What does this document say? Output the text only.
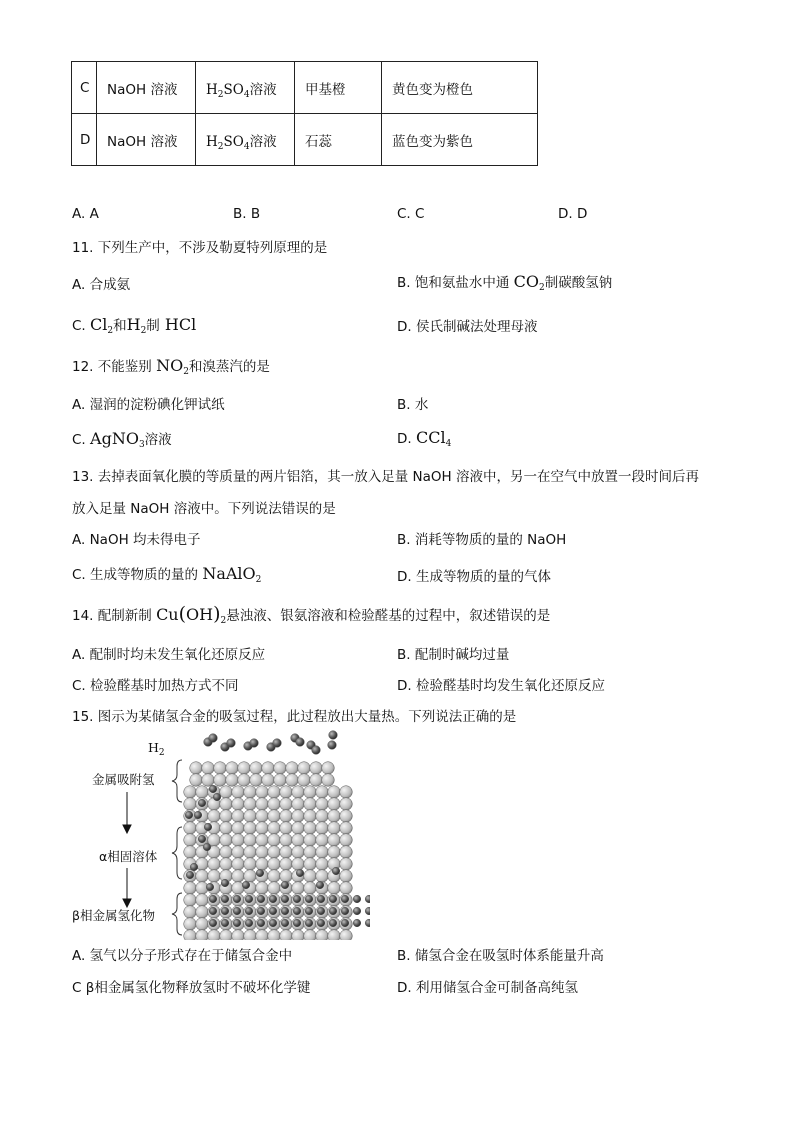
C	NaOH 溶液	$H_2SO_4$溶液	甲基橙	黄色变为橙色
D	NaOH 溶液	$H_2SO_4$溶液	石蕊	蓝色变为紫色
A. A	B. B	C. C	D. D
11. 下列生产中，不涉及勒夏特列原理的是
A. 合成氨	B. 饱和氨盐水中通 $CO_2$制碳酸氢钠
C. $Cl_2$和$H_2$制 HCl	D. 侯氏制碱法处理母液
12. 不能鉴别 $NO_2$和溴蒸汽的是
A. 湿润的淀粉碘化钾试纸	B. 水
C. AgNO$_3$溶液	D. CCl$_4$
13. 去掉表面氧化膜的等质量的两片铝箔，其一放入足量 NaOH 溶液中，另一在空气中放置一段时间后再
放入足量 NaOH 溶液中。下列说法错误的是
A. NaOH 均未得电子	B. 消耗等物质的量的 NaOH
C. 生成等物质的量的 NaAlO$_2$	D. 生成等物质的量的气体
14. 配制新制 $Cu(OH)_2$悬浊液、银氨溶液和检验醛基的过程中，叙述错误的是
A. 配制时均未发生氧化还原反应	B. 配制时碱均过量
C. 检验醛基时加热方式不同	D. 检验醛基时均发生氧化还原反应
15. 图示为某储氢合金的吸氢过程，此过程放出大量热。下列说法正确的是
$H_2$
金属吸附氢
α相固溶体
β相金属氢化物
A. 氢气以分子形式存在于储氢合金中	B. 储氢合金在吸氢时体系能量升高
C β相金属氢化物释放氢时不破坏化学键	D. 利用储氢合金可制备高纯氢
